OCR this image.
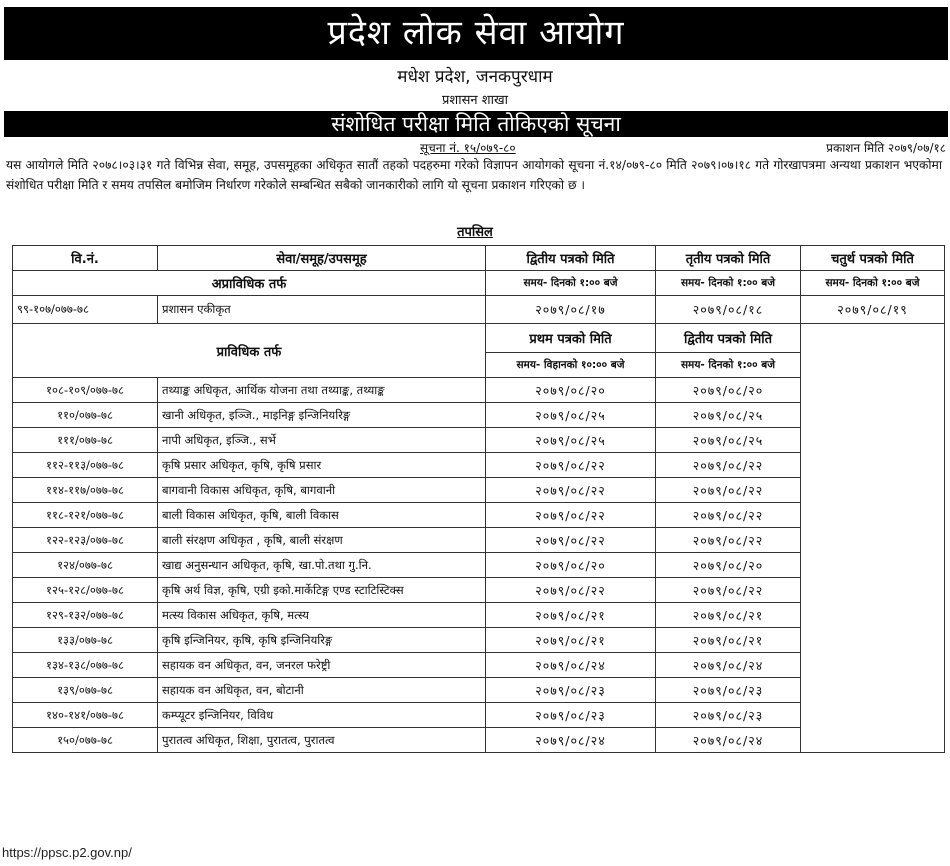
प्रदेश लोक सेवा आयोग
मधेश प्रदेश, जनकपुरधाम
प्रशासन शाखा
संशोधित परीक्षा मिति तोकिएको सूचना
सूचना नं. १५/०७९-८०	प्रकाशन मिति २०७९/०७/१८
यस आयोगले मिति २०७८।०३।३१ गते विभिन्न सेवा, समूह, उपसमूहका अधिकृत सातौं तहको पदहरुमा गरेको विज्ञापन आयोगको सूचना नं.१४/०७९-८० मिति २०७९।०७।१८ गते गोरखापत्रमा अन्यथा प्रकाशन भएकोमा संशोधित परीक्षा मिति र समय तपसिल बमोजिम निर्धारण गरेकोले सम्बन्धित सबैको जानकारीको लागि यो सूचना प्रकाशन गरिएको छ ।
तपसिल
वि.नं.	सेवा/समूह/उपसमूह	द्वितीय पत्रको मिति	तृतीय पत्रको मिति	चतुर्थ पत्रको मिति
अप्राविधिक तर्फ		समय- दिनको १:०० बजे	समय- दिनको १:०० बजे	समय- दिनको १:०० बजे
९९-१०७/०७७-७८	प्रशासन एकीकृत	२०७९/०८/१७	२०७९/०८/१८	२०७९/०८/१९
प्राविधिक तर्फ		प्रथम पत्रको मिति	द्वितीय पत्रको मिति	
		समय- विहानको १०:०० बजे	समय- दिनको १:०० बजे	
१०८-१०९/०७७-७८	तथ्याङ्क अधिकृत, आर्थिक योजना तथा तथ्याङ्क, तथ्याङ्क	२०७९/०८/२०	२०७९/०८/२०	
११०/०७७-७८	खानी अधिकृत, इञ्जि., माइनिङ्ग इन्जिनियरिङ्ग	२०७९/०८/२५	२०७९/०८/२५	
१११/०७७-७८	नापी अधिकृत, इञ्जि., सर्भे	२०७९/०८/२५	२०७९/०८/२५	
११२-११३/०७७-७८	कृषि प्रसार अधिकृत, कृषि, कृषि प्रसार	२०७९/०८/२२	२०७९/०८/२२	
११४-११७/०७७-७८	बागवानी विकास अधिकृत, कृषि, बागवानी	२०७९/०८/२२	२०७९/०८/२२	
११८-१२१/०७७-७८	बाली विकास अधिकृत, कृषि, बाली विकास	२०७९/०८/२२	२०७९/०८/२२	
१२२-१२३/०७७-७८	बाली संरक्षण अधिकृत , कृषि, बाली संरक्षण	२०७९/०८/२२	२०७९/०८/२२	
१२४/०७७-७८	खाद्य अनुसन्धान अधिकृत, कृषि, खा.पो.तथा गु.नि.	२०७९/०८/२०	२०७९/०८/२०	
१२५-१२८/०७७-७८	कृषि अर्थ विज्ञ, कृषि, एग्री इको.मार्केटिङ्ग एण्ड स्टाटिस्टिक्स	२०७९/०८/२२	२०७९/०८/२२	
१२९-१३२/०७७-७८	मत्स्य विकास अधिकृत, कृषि, मत्स्य	२०७९/०८/२१	२०७९/०८/२१	
१३३/०७७-७८	कृषि इन्जिनियर, कृषि, कृषि इन्जिनियरिङ्ग	२०७९/०८/२१	२०७९/०८/२१	
१३४-१३८/०७७-७८	सहायक वन अधिकृत, वन, जनरल फरेष्ट्री	२०७९/०८/२४	२०७९/०८/२४	
१३९/०७७-७८	सहायक वन अधिकृत, वन, बोटानी	२०७९/०८/२३	२०७९/०८/२३	
१४०-१४१/०७७-७८	कम्प्यूटर इन्जिनियर, विविध	२०७९/०८/२३	२०७९/०८/२३	
१५०/०७७-७८	पुरातत्व अधिकृत, शिक्षा, पुरातत्व, पुरातत्व	२०७९/०८/२४	२०७९/०८/२४	
https://ppsc.p2.gov.np/
